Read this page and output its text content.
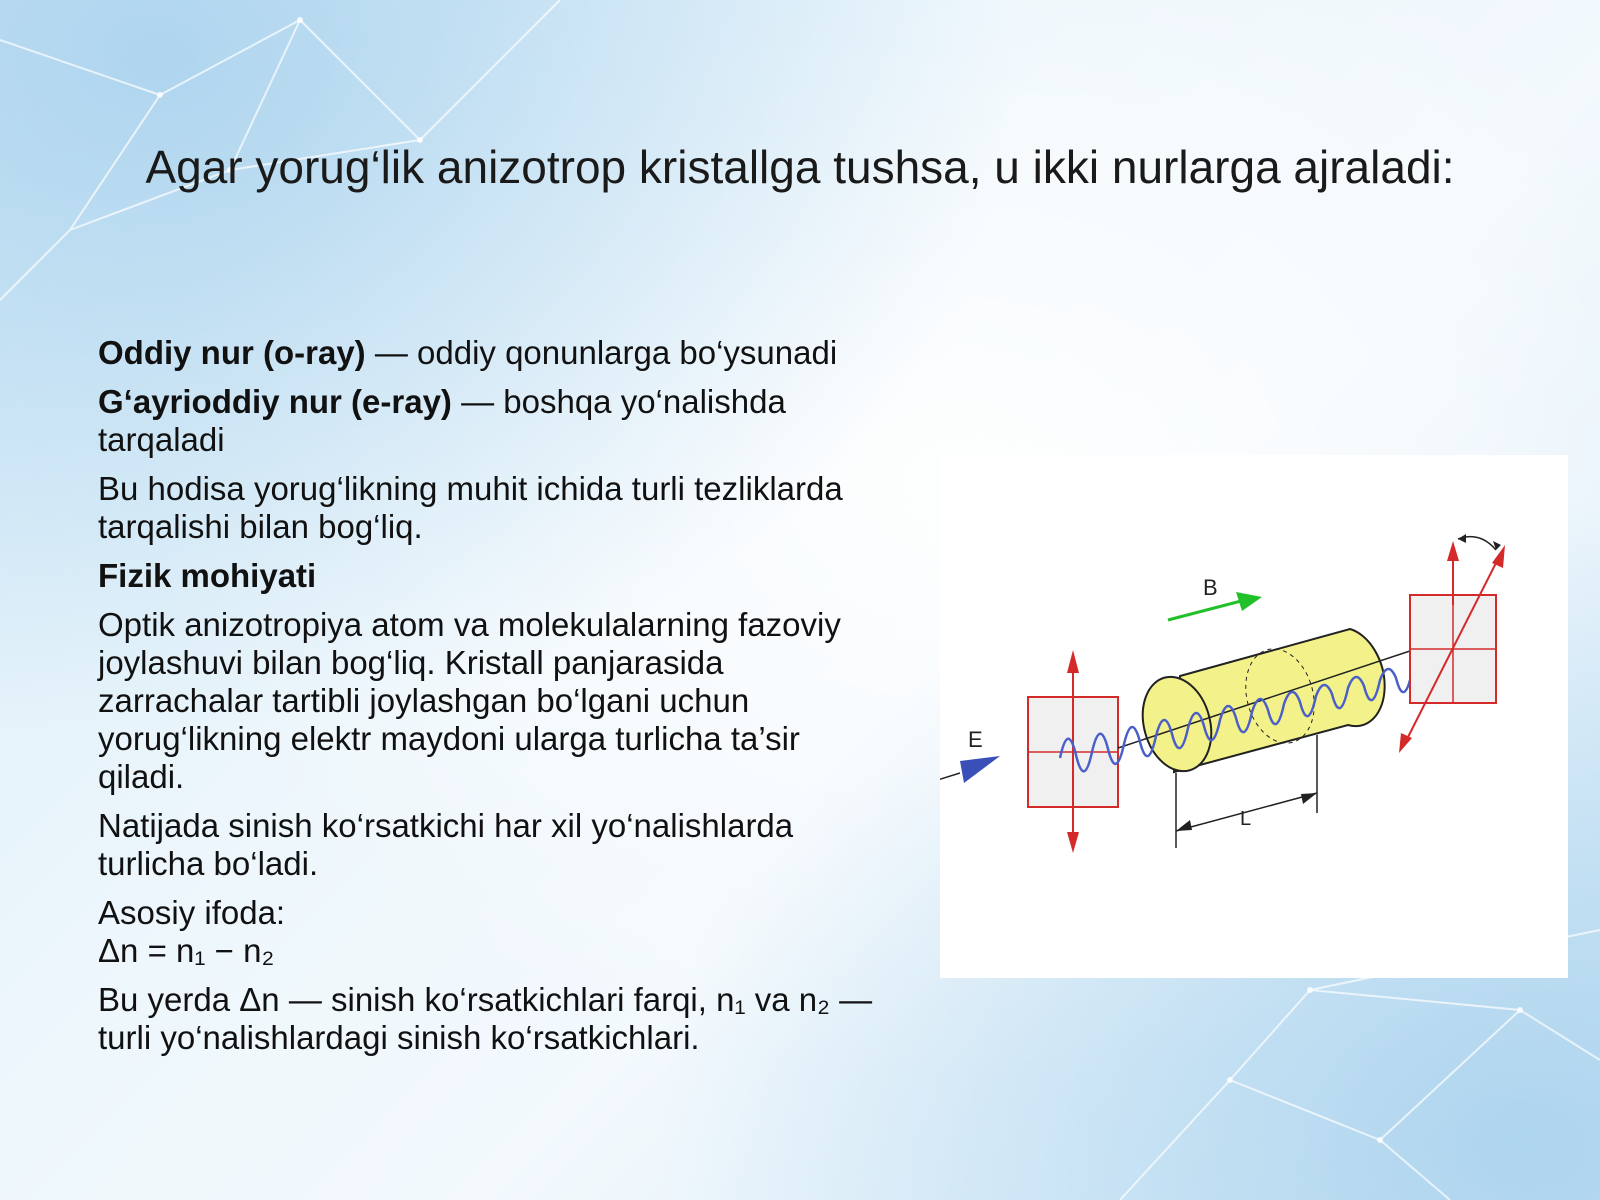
Agar yorug‘lik anizotrop kristallga tushsa, u ikki nurlarga ajraladi:

Oddiy nur (o-ray) — oddiy qonunlarga bo‘ysunadi

G‘ayrioddiy nur (e-ray) — boshqa yo‘nalishda tarqaladi

Bu hodisa yorug‘likning muhit ichida turli tezliklarda tarqalishi bilan bog‘liq.

Fizik mohiyati

Optik anizotropiya atom va molekulalarning fazoviy joylashuvi bilan bog‘liq. Kristall panjarasida zarrachalar tartibli joylashgan bo‘lgani uchun yorug‘likning elektr maydoni ularga turlicha ta’sir qiladi.

Natijada sinish ko‘rsatkichi har xil yo‘nalishlarda turlicha bo‘ladi.

Asosiy ifoda:
Δn = n₁ − n₂

Bu yerda Δn — sinish ko‘rsatkichlari farqi, n₁ va n₂ — turli yo‘nalishlardagi sinish ko‘rsatkichlari.

E
B
L
